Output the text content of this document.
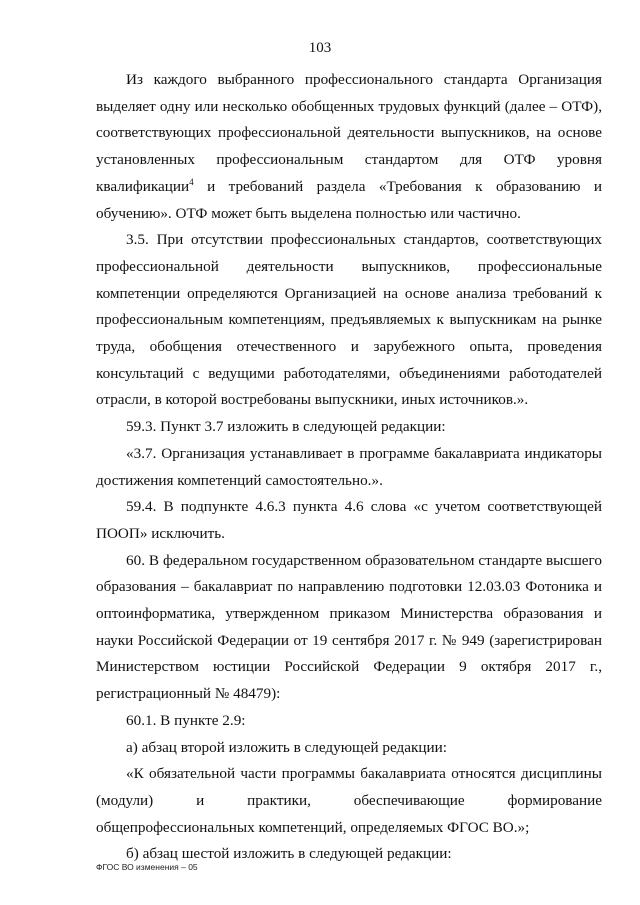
103

Из каждого выбранного профессионального стандарта Организация выделяет одну или несколько обобщенных трудовых функций (далее – ОТФ), соответствующих профессиональной деятельности выпускников, на основе установленных профессиональным стандартом для ОТФ уровня квалификации$^4$ и требований раздела «Требования к образованию и обучению». ОТФ может быть выделена полностью или частично.

3.5. При отсутствии профессиональных стандартов, соответствующих профессиональной деятельности выпускников, профессиональные компетенции определяются Организацией на основе анализа требований к профессиональным компетенциям, предъявляемых к выпускникам на рынке труда, обобщения отечественного и зарубежного опыта, проведения консультаций с ведущими работодателями, объединениями работодателей отрасли, в которой востребованы выпускники, иных источников.».

59.3. Пункт 3.7 изложить в следующей редакции:

«3.7. Организация устанавливает в программе бакалавриата индикаторы достижения компетенций самостоятельно.».

59.4. В подпункте 4.6.3 пункта 4.6 слова «с учетом соответствующей ПООП» исключить.

60. В федеральном государственном образовательном стандарте высшего образования – бакалавриат по направлению подготовки 12.03.03 Фотоника и оптоинформатика, утвержденном приказом Министерства образования и науки Российской Федерации от 19 сентября 2017 г. № 949 (зарегистрирован Министерством юстиции Российской Федерации 9 октября 2017 г., регистрационный № 48479):

60.1. В пункте 2.9:

а) абзац второй изложить в следующей редакции:

«К обязательной части программы бакалавриата относятся дисциплины (модули) и практики, обеспечивающие формирование общепрофессиональных компетенций, определяемых ФГОС ВО.»;

б) абзац шестой изложить в следующей редакции:

ФГОС ВО изменения – 05
